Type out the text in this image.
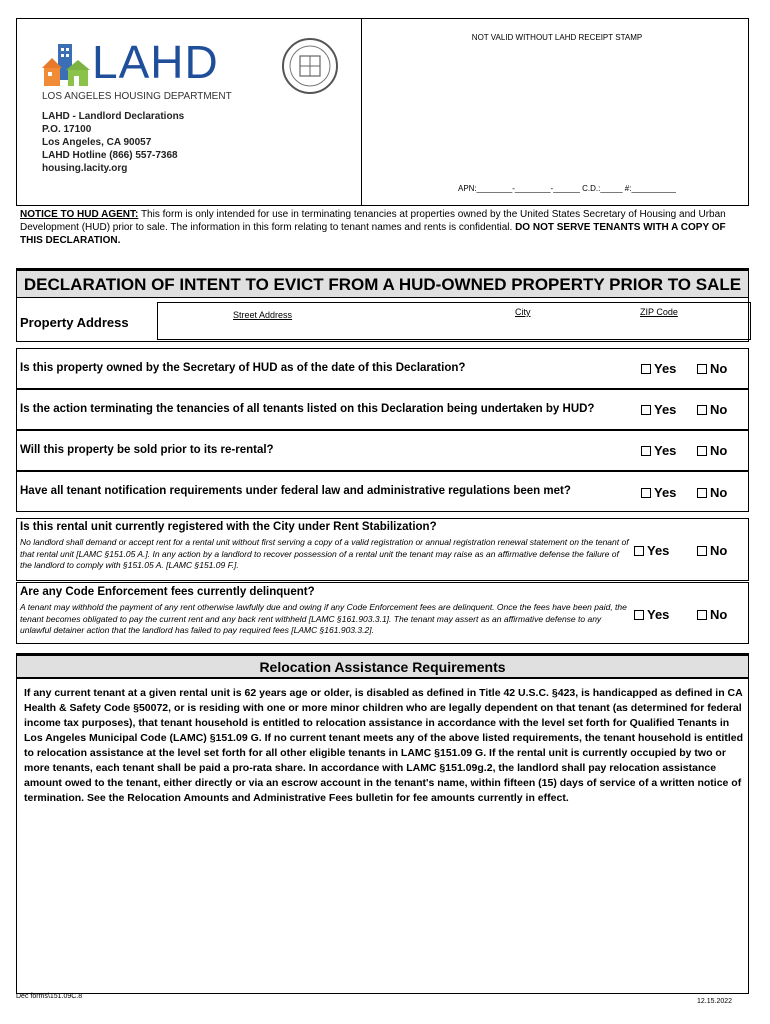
LAHD
LOS ANGELES HOUSING DEPARTMENT
LAHD - Landlord Declarations
P.O. 17100
Los Angeles, CA 90057
LAHD Hotline (866) 557-7368
housing.lacity.org
NOT VALID WITHOUT LAHD RECEIPT STAMP
APN:________-________-______ C.D.:_____ #:__________
NOTICE TO HUD AGENT: This form is only intended for use in terminating tenancies at properties owned by the United States Secretary of Housing and Urban Development (HUD) prior to sale. The information in this form relating to tenant names and rents is confidential. DO NOT SERVE TENANTS WITH A COPY OF THIS DECLARATION.
DECLARATION OF INTENT TO EVICT FROM A HUD-OWNED PROPERTY PRIOR TO SALE
Property Address	Street Address	City	ZIP Code
Is this property owned by the Secretary of HUD as of the date of this Declaration?	Yes	No
Is the action terminating the tenancies of all tenants listed on this Declaration being undertaken by HUD?	Yes	No
Will this property be sold prior to its re-rental?	Yes	No
Have all tenant notification requirements under federal law and administrative regulations been met?	Yes	No
Is this rental unit currently registered with the City under Rent Stabilization?
No landlord shall demand or accept rent for a rental unit without first serving a copy of a valid registration or annual registration renewal statement on the tenant of that rental unit [LAMC §151.05 A.]. In any action by a landlord to recover possession of a rental unit the tenant may raise as an affirmative defense the failure of the landlord to comply with §151.05 A. [LAMC §151.09 F.].
Yes	No
Are any Code Enforcement fees currently delinquent?
A tenant may withhold the payment of any rent otherwise lawfully due and owing if any Code Enforcement fees are delinquent. Once the fees have been paid, the tenant becomes obligated to pay the current rent and any back rent withheld [LAMC §161.903.3.1]. The tenant may assert as an affirmative defense to any unlawful detainer action that the landlord has failed to pay required fees [LAMC §161.903.3.2].
Yes	No
Relocation Assistance Requirements
If any current tenant at a given rental unit is 62 years age or older, is disabled as defined in Title 42 U.S.C. §423, is handicapped as defined in CA Health & Safety Code §50072, or is residing with one or more minor children who are legally dependent on that tenant (as determined for federal income tax purposes), that tenant household is entitled to relocation assistance in accordance with the level set forth for Qualified Tenants in Los Angeles Municipal Code (LAMC) §151.09 G. If no current tenant meets any of the above listed requirements, the tenant household is entitled to relocation assistance at the level set forth for all other eligible tenants in LAMC §151.09 G. If the rental unit is currently occupied by two or more tenants, each tenant shall be paid a pro-rata share. In accordance with LAMC §151.09g.2, the landlord shall pay relocation assistance amount owed to the tenant, either directly or via an escrow account in the tenant's name, within fifteen (15) days of service of a written notice of termination. See the Relocation Amounts and Administrative Fees bulletin for fee amounts currently in effect.
Dec forms\151.09C.8
12.15.2022
